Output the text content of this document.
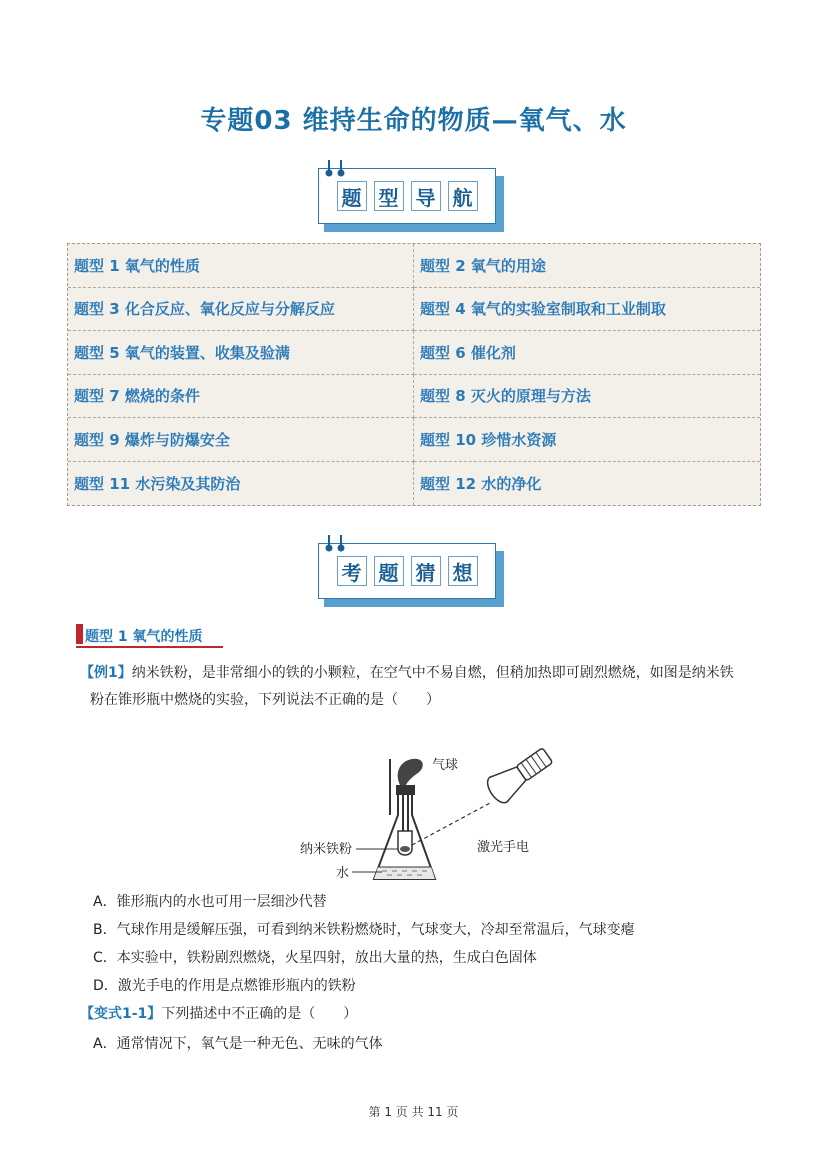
专题03 维持生命的物质—氧气、水
题 型 导 航
题型 1 氧气的性质	题型 2 氧气的用途
题型 3 化合反应、氧化反应与分解反应	题型 4 氧气的实验室制取和工业制取
题型 5 氧气的装置、收集及验满	题型 6 催化剂
题型 7 燃烧的条件	题型 8 灭火的原理与方法
题型 9 爆炸与防爆安全	题型 10 珍惜水资源
题型 11 水污染及其防治	题型 12 水的净化
考 题 猜 想
题型 1 氧气的性质
【例1】纳米铁粉，是非常细小的铁的小颗粒，在空气中不易自燃，但稍加热即可剧烈燃烧，如图是纳米铁
粉在锥形瓶中燃烧的实验，下列说法不正确的是（　　）
气球
纳米铁粉
水
激光手电
A．锥形瓶内的水也可用一层细沙代替
B．气球作用是缓解压强，可看到纳米铁粉燃烧时，气球变大，冷却至常温后，气球变瘪
C．本实验中，铁粉剧烈燃烧，火星四射，放出大量的热，生成白色固体
D．激光手电的作用是点燃锥形瓶内的铁粉
【变式1-1】下列描述中不正确的是（　　）
A．通常情况下，氧气是一种无色、无味的气体
第 1 页 共 11 页
